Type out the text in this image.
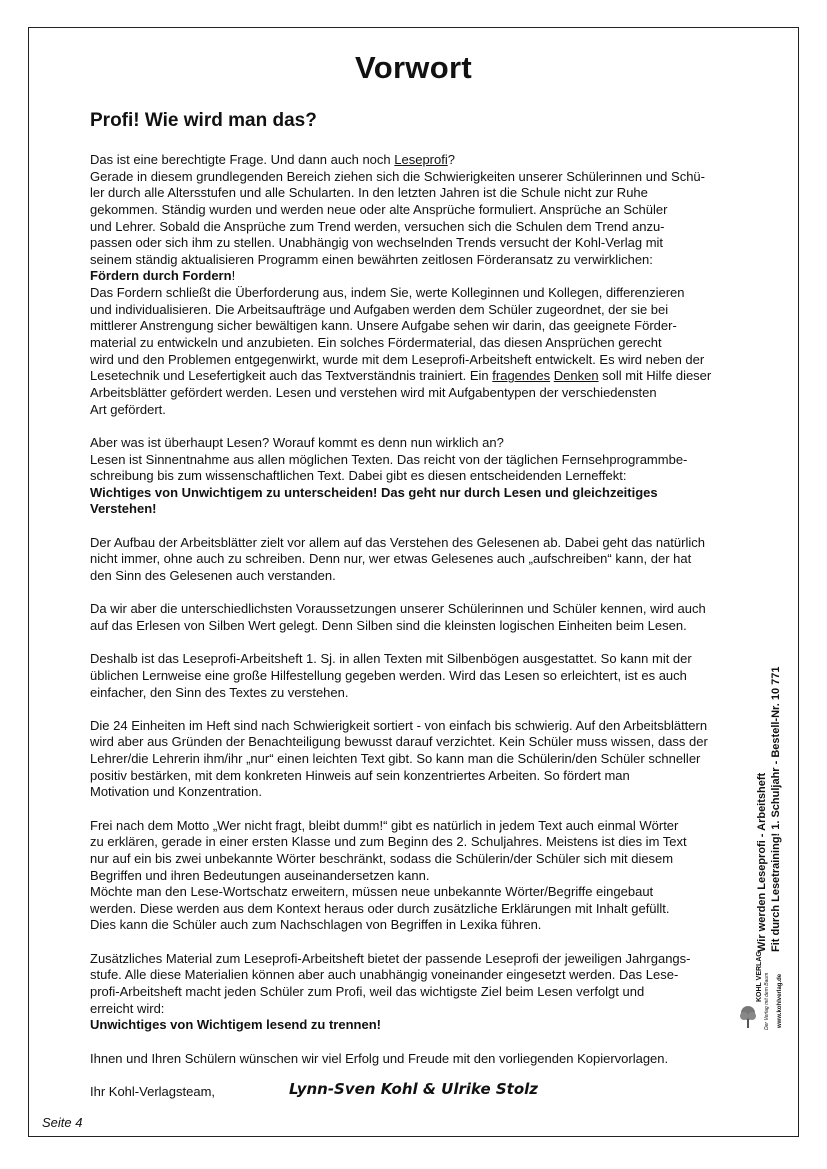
Vorwort
Profi! Wie wird man das?
Das ist eine berechtigte Frage. Und dann auch noch Leseprofi?
Gerade in diesem grundlegenden Bereich ziehen sich die Schwierigkeiten unserer Schülerinnen und Schü-
ler durch alle Altersstufen und alle Schularten. In den letzten Jahren ist die Schule nicht zur Ruhe
gekommen. Ständig wurden und werden neue oder alte Ansprüche formuliert. Ansprüche an Schüler
und Lehrer. Sobald die Ansprüche zum Trend werden, versuchen sich die Schulen dem Trend anzu-
passen oder sich ihm zu stellen. Unabhängig von wechselnden Trends versucht der Kohl-Verlag mit
seinem ständig aktualisieren Programm einen bewährten zeitlosen Förderansatz zu verwirklichen:
Fördern durch Fordern!
Das Fordern schließt die Überforderung aus, indem Sie, werte Kolleginnen und Kollegen, differenzieren
und individualisieren. Die Arbeitsaufträge und Aufgaben werden dem Schüler zugeordnet, der sie bei
mittlerer Anstrengung sicher bewältigen kann. Unsere Aufgabe sehen wir darin, das geeignete Förder-
material zu entwickeln und anzubieten. Ein solches Fördermaterial, das diesen Ansprüchen gerecht
wird und den Problemen entgegenwirkt, wurde mit dem Leseprofi-Arbeitsheft entwickelt. Es wird neben der
Lesetechnik und Lesefertigkeit auch das Textverständnis trainiert. Ein fragendes Denken soll mit Hilfe dieser
Arbeitsblätter gefördert werden. Lesen und verstehen wird mit Aufgabentypen der verschiedensten
Art gefördert.
Aber was ist überhaupt Lesen? Worauf kommt es denn nun wirklich an?
Lesen ist Sinnentnahme aus allen möglichen Texten. Das reicht von der täglichen Fernsehprogrammbe-
schreibung bis zum wissenschaftlichen Text. Dabei gibt es diesen entscheidenden Lerneffekt:
Wichtiges von Unwichtigem zu unterscheiden! Das geht nur durch Lesen und gleichzeitiges
Verstehen!
Der Aufbau der Arbeitsblätter zielt vor allem auf das Verstehen des Gelesenen ab. Dabei geht das natürlich
nicht immer, ohne auch zu schreiben. Denn nur, wer etwas Gelesenes auch „aufschreiben“ kann, der hat
den Sinn des Gelesenen auch verstanden.
Da wir aber die unterschiedlichsten Voraussetzungen unserer Schülerinnen und Schüler kennen, wird auch
auf das Erlesen von Silben Wert gelegt. Denn Silben sind die kleinsten logischen Einheiten beim Lesen.
Deshalb ist das Leseprofi-Arbeitsheft 1. Sj. in allen Texten mit Silbenbögen ausgestattet. So kann mit der
üblichen Lernweise eine große Hilfestellung gegeben werden. Wird das Lesen so erleichtert, ist es auch
einfacher, den Sinn des Textes zu verstehen.
Die 24 Einheiten im Heft sind nach Schwierigkeit sortiert - von einfach bis schwierig. Auf den Arbeitsblättern
wird aber aus Gründen der Benachteiligung bewusst darauf verzichtet. Kein Schüler muss wissen, dass der
Lehrer/die Lehrerin ihm/ihr „nur“ einen leichten Text gibt. So kann man die Schülerin/den Schüler schneller
positiv bestärken, mit dem konkreten Hinweis auf sein konzentriertes Arbeiten. So fördert man
Motivation und Konzentration.
Frei nach dem Motto „Wer nicht fragt, bleibt dumm!“ gibt es natürlich in jedem Text auch einmal Wörter
zu erklären, gerade in einer ersten Klasse und zum Beginn des 2. Schuljahres. Meistens ist dies im Text
nur auf ein bis zwei unbekannte Wörter beschränkt, sodass die Schülerin/der Schüler sich mit diesem
Begriffen und ihren Bedeutungen auseinandersetzen kann.
Möchte man den Lese-Wortschatz erweitern, müssen neue unbekannte Wörter/Begriffe eingebaut
werden. Diese werden aus dem Kontext heraus oder durch zusätzliche Erklärungen mit Inhalt gefüllt.
Dies kann die Schüler auch zum Nachschlagen von Begriffen in Lexika führen.
Zusätzliches Material zum Leseprofi-Arbeitsheft bietet der passende Leseprofi der jeweiligen Jahrgangs-
stufe. Alle diese Materialien können aber auch unabhängig voneinander eingesetzt werden. Das Lese-
profi-Arbeitsheft macht jeden Schüler zum Profi, weil das wichtigste Ziel beim Lesen verfolgt und
erreicht wird:
Unwichtiges von Wichtigem lesend zu trennen!
Ihnen und Ihren Schülern wünschen wir viel Erfolg und Freude mit den vorliegenden Kopiervorlagen.
Ihr Kohl-Verlagsteam,	Lynn-Sven Kohl & Ulrike Stolz
Seite 4
Wir werden Leseprofi - Arbeitsheft Fit durch Lesetraining! 1. Schuljahr - Bestell-Nr. 10 771
KOHL VERLAG Der Verlag mit dem Baum www.kohlverlag.de
